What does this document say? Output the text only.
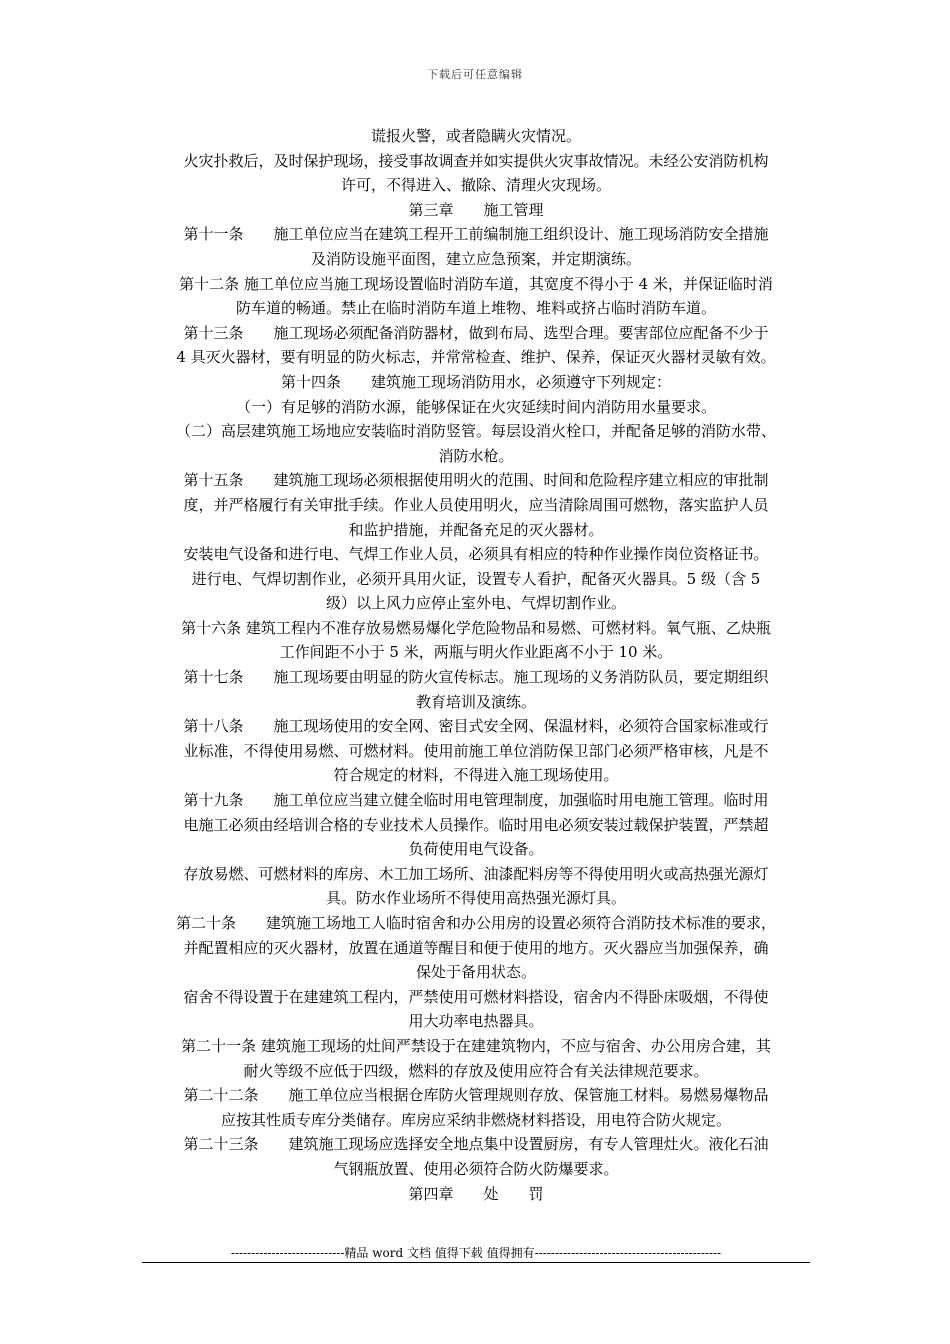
下载后可任意编辑
谎报火警，或者隐瞒火灾情况。
火灾扑救后，及时保护现场，接受事故调查并如实提供火灾事故情况。未经公安消防机构
许可，不得进入、撤除、清理火灾现场。
第三章　　施工管理
第十一条　　施工单位应当在建筑工程开工前编制施工组织设计、施工现场消防安全措施
及消防设施平面图，建立应急预案，并定期演练。
第十二条 施工单位应当施工现场设置临时消防车道，其宽度不得小于 4 米，并保证临时消
防车道的畅通。禁止在临时消防车道上堆物、堆料或挤占临时消防车道。
第十三条　　施工现场必须配备消防器材，做到布局、选型合理。要害部位应配备不少于
4 具灭火器材，要有明显的防火标志，并常常检查、维护、保养，保证灭火器材灵敏有效。
第十四条　　建筑施工现场消防用水，必须遵守下列规定：
（一）有足够的消防水源，能够保证在火灾延续时间内消防用水量要求。
（二）高层建筑施工场地应安装临时消防竖管。每层设消火栓口，并配备足够的消防水带、
消防水枪。
第十五条　　建筑施工现场必须根据使用明火的范围、时间和危险程序建立相应的审批制
度，并严格履行有关审批手续。作业人员使用明火，应当清除周围可燃物，落实监护人员
和监护措施，并配备充足的灭火器材。
安装电气设备和进行电、气焊工作业人员，必须具有相应的特种作业操作岗位资格证书。
进行电、气焊切割作业，必须开具用火证，设置专人看护，配备灭火器具。5 级（含 5
级）以上风力应停止室外电、气焊切割作业。
第十六条 建筑工程内不准存放易燃易爆化学危险物品和易燃、可燃材料。氧气瓶、乙炔瓶
工作间距不小于 5 米，两瓶与明火作业距离不小于 10 米。
第十七条　　施工现场要由明显的防火宣传标志。施工现场的义务消防队员，要定期组织
教育培训及演练。
第十八条　　施工现场使用的安全网、密目式安全网、保温材料，必须符合国家标准或行
业标准，不得使用易燃、可燃材料。使用前施工单位消防保卫部门必须严格审核，凡是不
符合规定的材料，不得进入施工现场使用。
第十九条　　施工单位应当建立健全临时用电管理制度，加强临时用电施工管理。临时用
电施工必须由经培训合格的专业技术人员操作。临时用电必须安装过载保护装置，严禁超
负荷使用电气设备。
存放易燃、可燃材料的库房、木工加工场所、油漆配料房等不得使用明火或高热强光源灯
具。防水作业场所不得使用高热强光源灯具。
第二十条　　建筑施工场地工人临时宿舍和办公用房的设置必须符合消防技术标准的要求，
并配置相应的灭火器材，放置在通道等醒目和便于使用的地方。灭火器应当加强保养，确
保处于备用状态。
宿舍不得设置于在建建筑工程内，严禁使用可燃材料搭设，宿舍内不得卧床吸烟，不得使
用大功率电热器具。
第二十一条 建筑施工现场的灶间严禁设于在建建筑物内，不应与宿舍、办公用房合建，其
耐火等级不应低于四级，燃料的存放及使用应符合有关法律规范要求。
第二十二条　　施工单位应当根据仓库防火管理规则存放、保管施工材料。易燃易爆物品
应按其性质专库分类储存。库房应采纳非燃烧材料搭设，用电符合防火规定。
第二十三条　　建筑施工现场应选择安全地点集中设置厨房，有专人管理灶火。液化石油
气钢瓶放置、使用必须符合防火防爆要求。
第四章　　处　　罚
----------------------------精品 word 文档 值得下载 值得拥有----------------------------------------------
